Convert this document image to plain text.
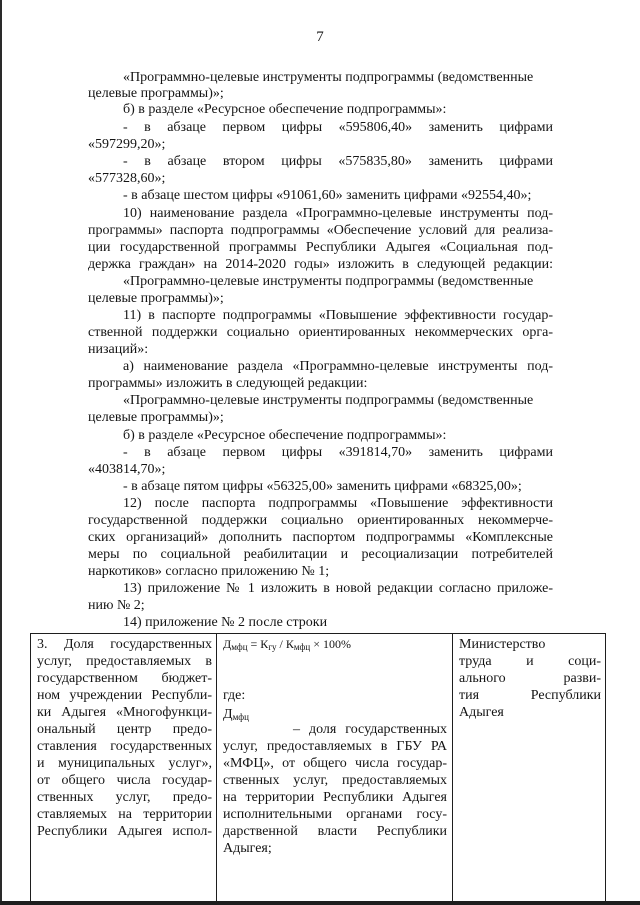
7
«Программно-целевые инструменты подпрограммы (ведомственные
целевые программы)»;
б) в разделе «Ресурсное обеспечение подпрограммы»:
- в абзаце первом цифры «595806,40» заменить цифрами
«597299,20»;
- в абзаце втором цифры «575835,80» заменить цифрами
«577328,60»;
- в абзаце шестом цифры «91061,60» заменить цифрами «92554,40»;
10) наименование раздела «Программно-целевые инструменты под-
программы» паспорта подпрограммы «Обеспечение условий для реализа-
ции государственной программы Республики Адыгея «Социальная под-
держка граждан» на 2014-2020 годы» изложить в следующей редакции:
«Программно-целевые инструменты подпрограммы (ведомственные
целевые программы)»;
11) в паспорте подпрограммы «Повышение эффективности государ-
ственной поддержки социально ориентированных некоммерческих орга-
низаций»:
а) наименование раздела «Программно-целевые инструменты под-
программы» изложить в следующей редакции:
«Программно-целевые инструменты подпрограммы (ведомственные
целевые программы)»;
б) в разделе «Ресурсное обеспечение подпрограммы»:
- в абзаце первом цифры «391814,70» заменить цифрами
«403814,70»;
- в абзаце пятом цифры «56325,00» заменить цифрами «68325,00»;
12) после паспорта подпрограммы «Повышение эффективности
государственной поддержки социально ориентированных некоммерче-
ских организаций» дополнить паспортом подпрограммы «Комплексные
меры по социальной реабилитации и ресоциализации потребителей
наркотиков» согласно приложению № 1;
13) приложение № 1 изложить в новой редакции согласно приложе-
нию № 2;
14) приложение № 2 после строки
3. Доля государственных
услуг, предоставляемых в
государственном бюджет-
ном учреждении Республи-
ки Адыгея «Многофункци-
ональный центр предо-
ставления государственных
и муниципальных услуг»,
от общего числа государ-
ственных услуг, предо-
ставляемых на территории
Республики Адыгея испол-
$Д_{мфц} = К_{гу} / К_{мфц} \times 100\%$
где:
$Д_{мфц}$
– доля государственных
услуг, предоставляемых в ГБУ РА
«МФЦ», от общего числа государ-
ственных услуг, предоставляемых
на территории Республики Адыгея
исполнительными органами госу-
дарственной власти Республики
Адыгея;
Министерство
труда и соци-
ального разви-
тия Республики
Адыгея
